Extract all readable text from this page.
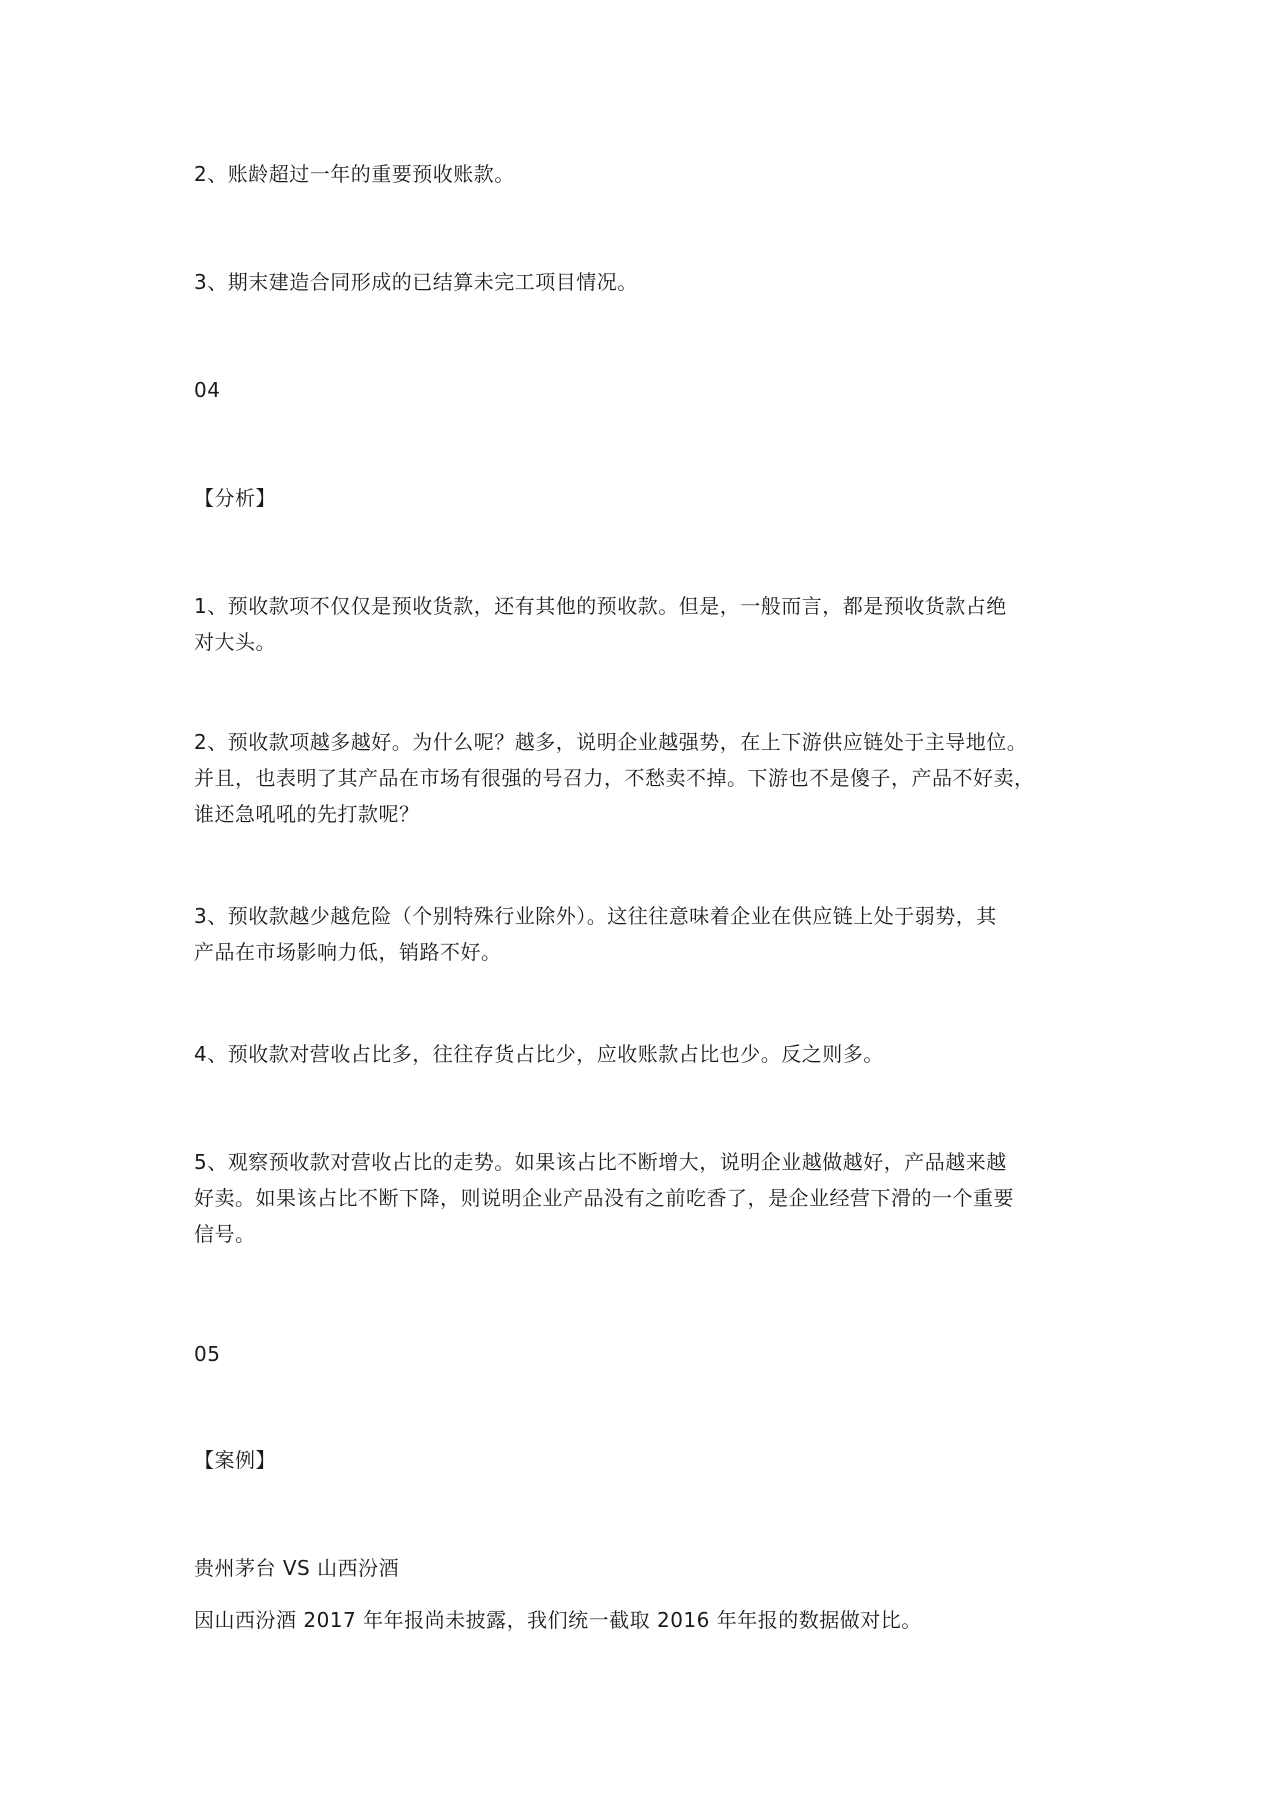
2、账龄超过一年的重要预收账款。

3、期末建造合同形成的已结算未完工项目情况。

04

【分析】

1、预收款项不仅仅是预收货款，还有其他的预收款。但是，一般而言，都是预收货款占绝
对大头。
2、预收款项越多越好。为什么呢？越多，说明企业越强势，在上下游供应链处于主导地位。
并且，也表明了其产品在市场有很强的号召力，不愁卖不掉。下游也不是傻子，产品不好卖，
谁还急吼吼的先打款呢？
3、预收款越少越危险（个别特殊行业除外）。这往往意味着企业在供应链上处于弱势，其
产品在市场影响力低，销路不好。
4、预收款对营收占比多，往往存货占比少，应收账款占比也少。反之则多。
5、观察预收款对营收占比的走势。如果该占比不断增大，说明企业越做越好，产品越来越
好卖。如果该占比不断下降，则说明企业产品没有之前吃香了，是企业经营下滑的一个重要
信号。

05

【案例】

贵州茅台 VS 山西汾酒

因山西汾酒 2017 年年报尚未披露，我们统一截取 2016 年年报的数据做对比。
